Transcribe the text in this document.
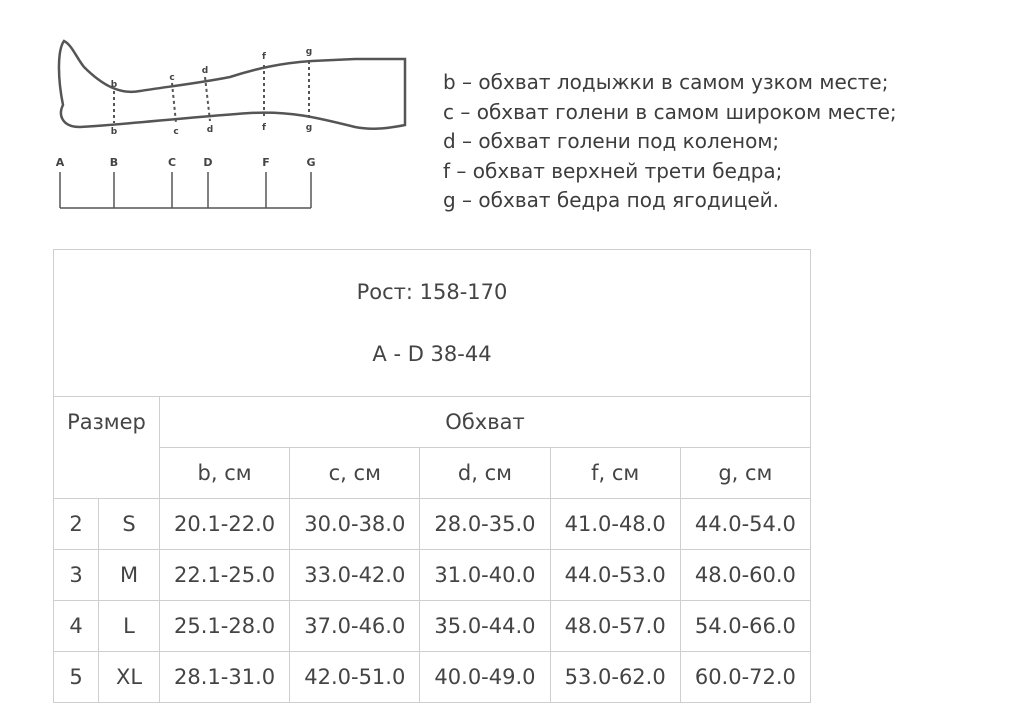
b
c
d
f	g
b	c	d	f	g
A	B	C D	F	G
b – обхват лодыжки в самом узком месте;
c – обхват голени в самом широком месте;
d – обхват голени под коленом;
f – обхват верхней трети бедра;
g – обхват бедра под ягодицей.
Рост: 158-170
A - D 38-44						

Размер		Обхват				
		b, см	c, см	d, см	f, см	g, см
2	S	20.1-22.0	30.0-38.0	28.0-35.0	41.0-48.0	44.0-54.0
3	M	22.1-25.0	33.0-42.0	31.0-40.0	44.0-53.0	48.0-60.0
4	L	25.1-28.0	37.0-46.0	35.0-44.0	48.0-57.0	54.0-66.0
5	XL	28.1-31.0	42.0-51.0	40.0-49.0	53.0-62.0	60.0-72.0
